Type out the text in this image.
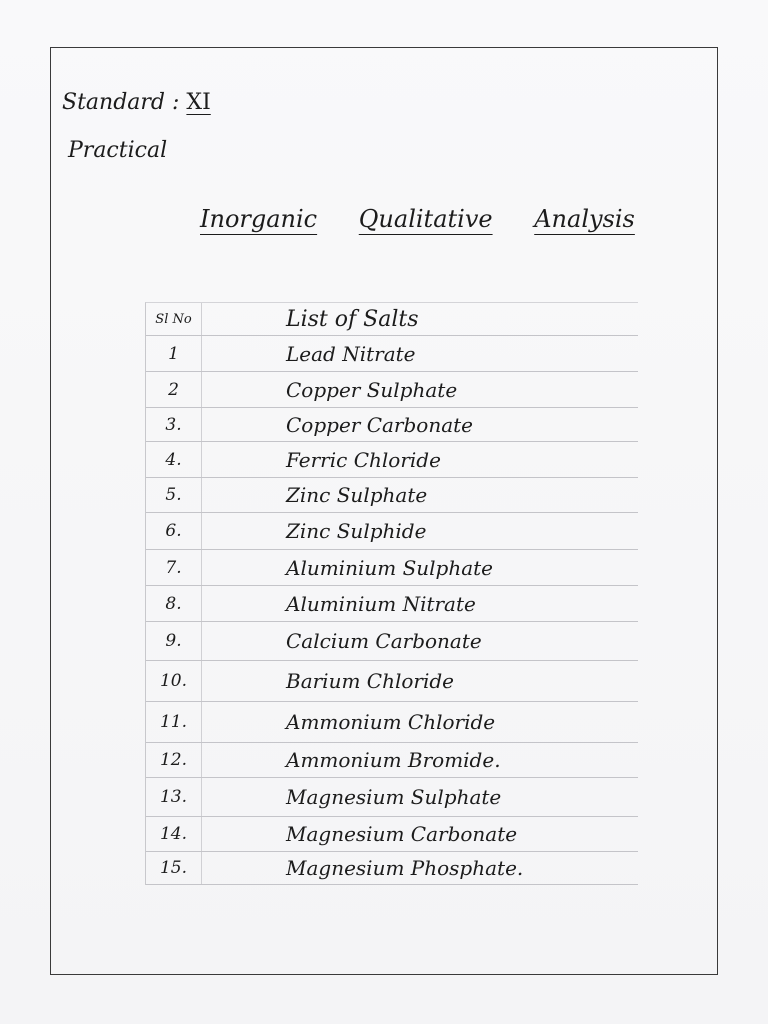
Standard : XI
Practical
Inorganic Qualitative Analysis
Sl No	List of Salts
1	Lead Nitrate
2	Copper Sulphate
3.	Copper Carbonate
4.	Ferric Chloride
5.	Zinc Sulphate
6.	Zinc Sulphide
7.	Aluminium Sulphate
8.	Aluminium Nitrate
9.	Calcium Carbonate
10.	Barium Chloride
11.	Ammonium Chloride
12.	Ammonium Bromide.
13.	Magnesium Sulphate
14.	Magnesium Carbonate
15.	Magnesium Phosphate.
